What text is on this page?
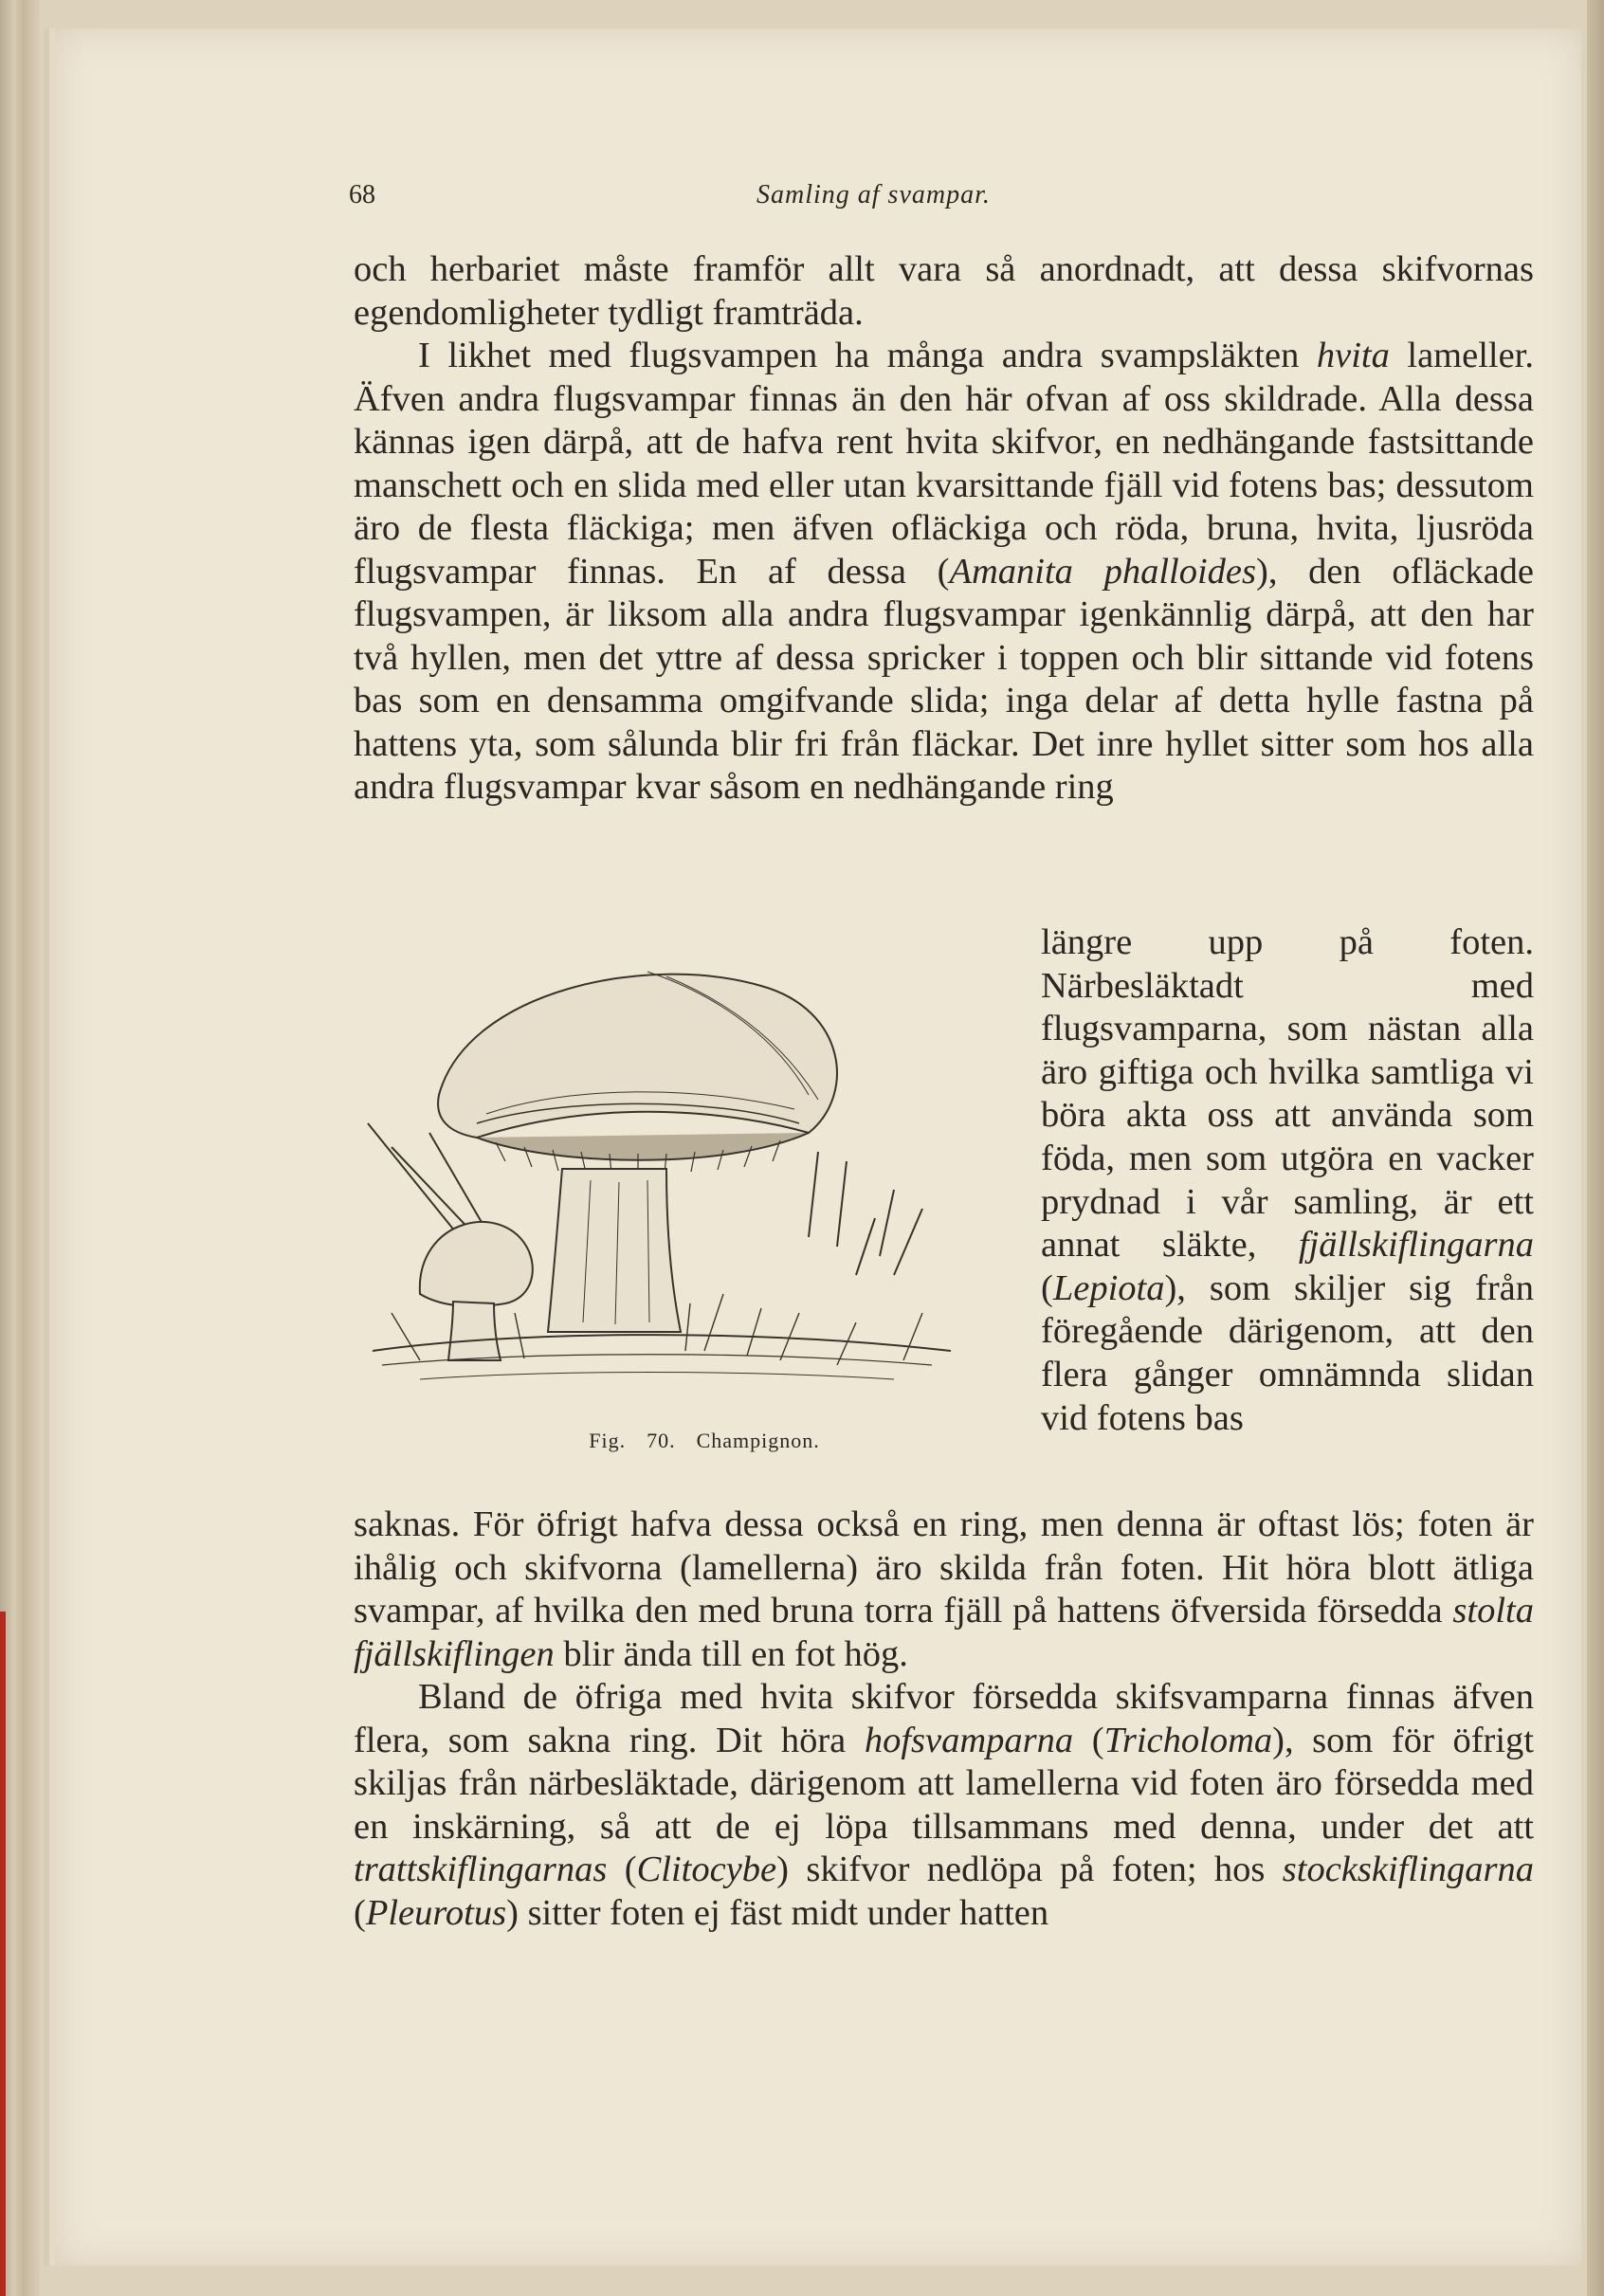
68	Samling af svampar.

och herbariet måste framför allt vara så anordnadt, att dessa skifvornas egendomligheter tydligt framträda.

I likhet med flugsvampen ha många andra svampsläkten hvita lameller. Äfven andra flugsvampar finnas än den här ofvan af oss skildrade. Alla dessa kännas igen därpå, att de hafva rent hvita skifvor, en nedhängande fastsittande manschett och en slida med eller utan kvarsittande fjäll vid fotens bas; dessutom äro de flesta fläckiga; men äfven ofläckiga och röda, bruna, hvita, ljusröda flugsvampar finnas. En af dessa (Amanita phalloides), den ofläckade flugsvampen, är liksom alla andra flugsvampar igenkännlig därpå, att den har två hyllen, men det yttre af dessa spricker i toppen och blir sittande vid fotens bas som en densamma omgifvande slida; inga delar af detta hylle fastna på hattens yta, som sålunda blir fri från fläckar. Det inre hyllet sitter som hos alla andra flugsvampar kvar såsom en nedhängande ring

Fig. 70. Champignon.
längre upp på foten. Närbesläktadt med flugsvamparna, som nästan alla äro giftiga och hvilka samtliga vi böra akta oss att använda som föda, men som utgöra en vacker prydnad i vår samling, är ett annat släkte, fjällskiflingarna (Lepiota), som skiljer sig från föregående därigenom, att den flera gånger omnämnda slidan vid fotens bas

saknas. För öfrigt hafva dessa också en ring, men denna är oftast lös; foten är ihålig och skifvorna (lamellerna) äro skilda från foten. Hit höra blott ätliga svampar, af hvilka den med bruna torra fjäll på hattens öfversida försedda stolta fjällskiflingen blir ända till en fot hög.

Bland de öfriga med hvita skifvor försedda skifsvamparna finnas äfven flera, som sakna ring. Dit höra hofsvamparna (Tricholoma), som för öfrigt skiljas från närbesläktade, därigenom att lamellerna vid foten äro försedda med en inskärning, så att de ej löpa tillsammans med denna, under det att trattskiflingarnas (Clitocybe) skifvor nedlöpa på foten; hos stockskiflingarna (Pleurotus) sitter foten ej fäst midt under hatten
